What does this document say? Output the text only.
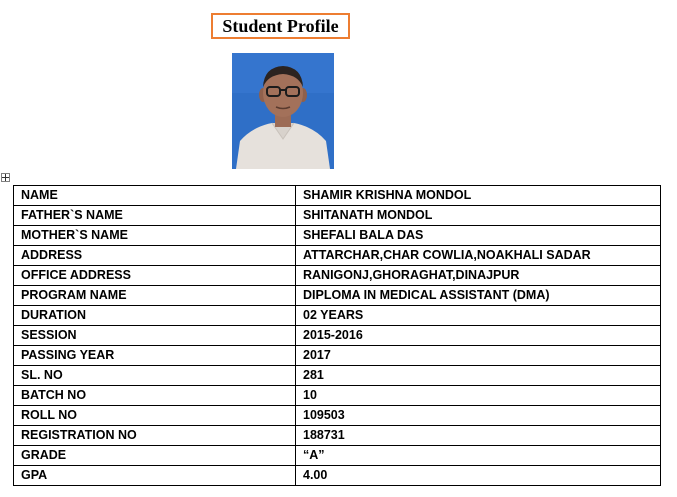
Student Profile
NAME	SHAMIR KRISHNA MONDOL
FATHER`S NAME	SHITANATH MONDOL
MOTHER`S NAME	SHEFALI BALA DAS
ADDRESS	ATTARCHAR,CHAR COWLIA,NOAKHALI SADAR
OFFICE ADDRESS	RANIGONJ,GHORAGHAT,DINAJPUR
PROGRAM NAME	DIPLOMA IN MEDICAL ASSISTANT (DMA)
DURATION	02 YEARS
SESSION	2015-2016
PASSING YEAR	2017
SL. NO	281
BATCH NO	10
ROLL NO	109503
REGISTRATION NO	188731
GRADE	“A”
GPA	4.00
